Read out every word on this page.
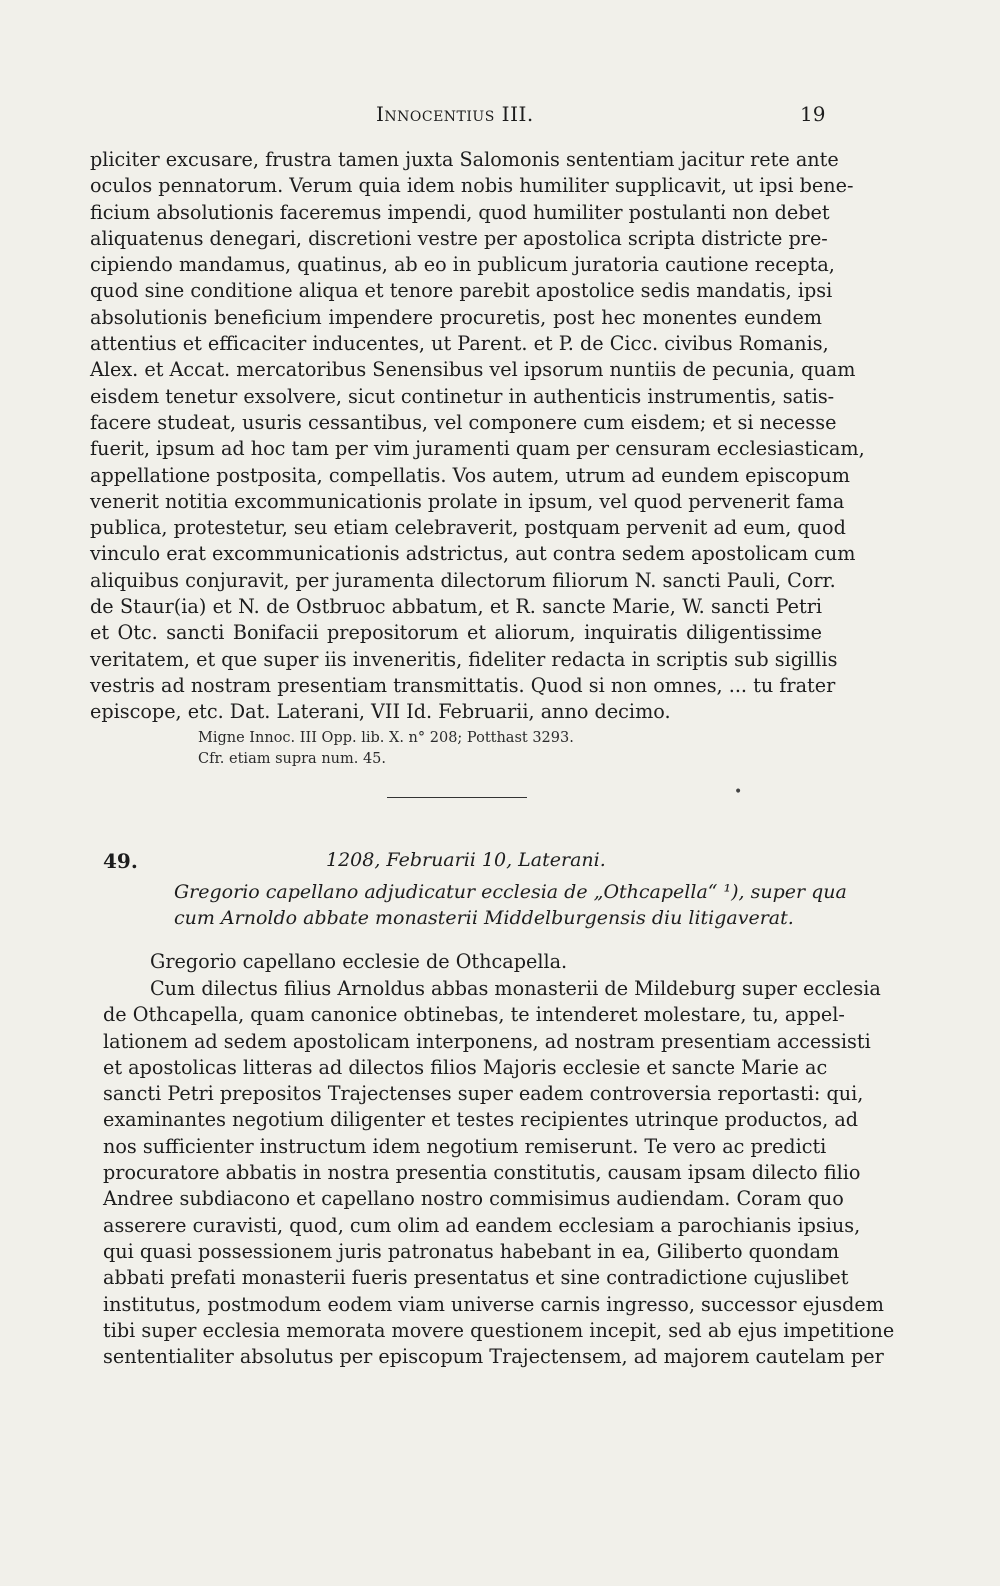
Innocentius III.	19
pliciter excusare, frustra tamen juxta Salomonis sententiam jacitur rete ante
oculos pennatorum. Verum quia idem nobis humiliter supplicavit, ut ipsi bene-
ficium absolutionis faceremus impendi, quod humiliter postulanti non debet
aliquatenus denegari, discretioni vestre per apostolica scripta districte pre-
cipiendo mandamus, quatinus, ab eo in publicum juratoria cautione recepta,
quod sine conditione aliqua et tenore parebit apostolice sedis mandatis, ipsi
absolutionis beneficium impendere procuretis, post hec monentes eundem
attentius et efficaciter inducentes, ut Parent. et P. de Cicc. civibus Romanis,
Alex. et Accat. mercatoribus Senensibus vel ipsorum nuntiis de pecunia, quam
eisdem tenetur exsolvere, sicut continetur in authenticis instrumentis, satis-
facere studeat, usuris cessantibus, vel componere cum eisdem; et si necesse
fuerit, ipsum ad hoc tam per vim juramenti quam per censuram ecclesiasticam,
appellatione postposita, compellatis. Vos autem, utrum ad eundem episcopum
venerit notitia excommunicationis prolate in ipsum, vel quod pervenerit fama
publica, protestetur, seu etiam celebraverit, postquam pervenit ad eum, quod
vinculo erat excommunicationis adstrictus, aut contra sedem apostolicam cum
aliquibus conjuravit, per juramenta dilectorum filiorum N. sancti Pauli, Corr.
de Staur(ia) et N. de Ostbruoc abbatum, et R. sancte Marie, W. sancti Petri
et Otc. sancti Bonifacii prepositorum et aliorum, inquiratis diligentissime
veritatem, et que super iis inveneritis, fideliter redacta in scriptis sub sigillis
vestris ad nostram presentiam transmittatis. Quod si non omnes, ... tu frater
episcope, etc. Dat. Laterani, VII Id. Februarii, anno decimo.
Migne Innoc. III Opp. lib. X. n° 208; Potthast 3293.
Cfr. etiam supra num. 45.
•
49.	1208, Februarii 10, Laterani.
Gregorio capellano adjudicatur ecclesia de „Othcapella“ ¹), super qua
cum Arnoldo abbate monasterii Middelburgensis diu litigaverat.
Gregorio capellano ecclesie de Othcapella.
Cum dilectus filius Arnoldus abbas monasterii de Mildeburg super ecclesia
de Othcapella, quam canonice obtinebas, te intenderet molestare, tu, appel-
lationem ad sedem apostolicam interponens, ad nostram presentiam accessisti
et apostolicas litteras ad dilectos filios Majoris ecclesie et sancte Marie ac
sancti Petri prepositos Trajectenses super eadem controversia reportasti: qui,
examinantes negotium diligenter et testes recipientes utrinque productos, ad
nos sufficienter instructum idem negotium remiserunt. Te vero ac predicti
procuratore abbatis in nostra presentia constitutis, causam ipsam dilecto filio
Andree subdiacono et capellano nostro commisimus audiendam. Coram quo
asserere curavisti, quod, cum olim ad eandem ecclesiam a parochianis ipsius,
qui quasi possessionem juris patronatus habebant in ea, Giliberto quondam
abbati prefati monasterii fueris presentatus et sine contradictione cujuslibet
institutus, postmodum eodem viam universe carnis ingresso, successor ejusdem
tibi super ecclesia memorata movere questionem incepit, sed ab ejus impetitione
sententialiter absolutus per episcopum Trajectensem, ad majorem cautelam per
